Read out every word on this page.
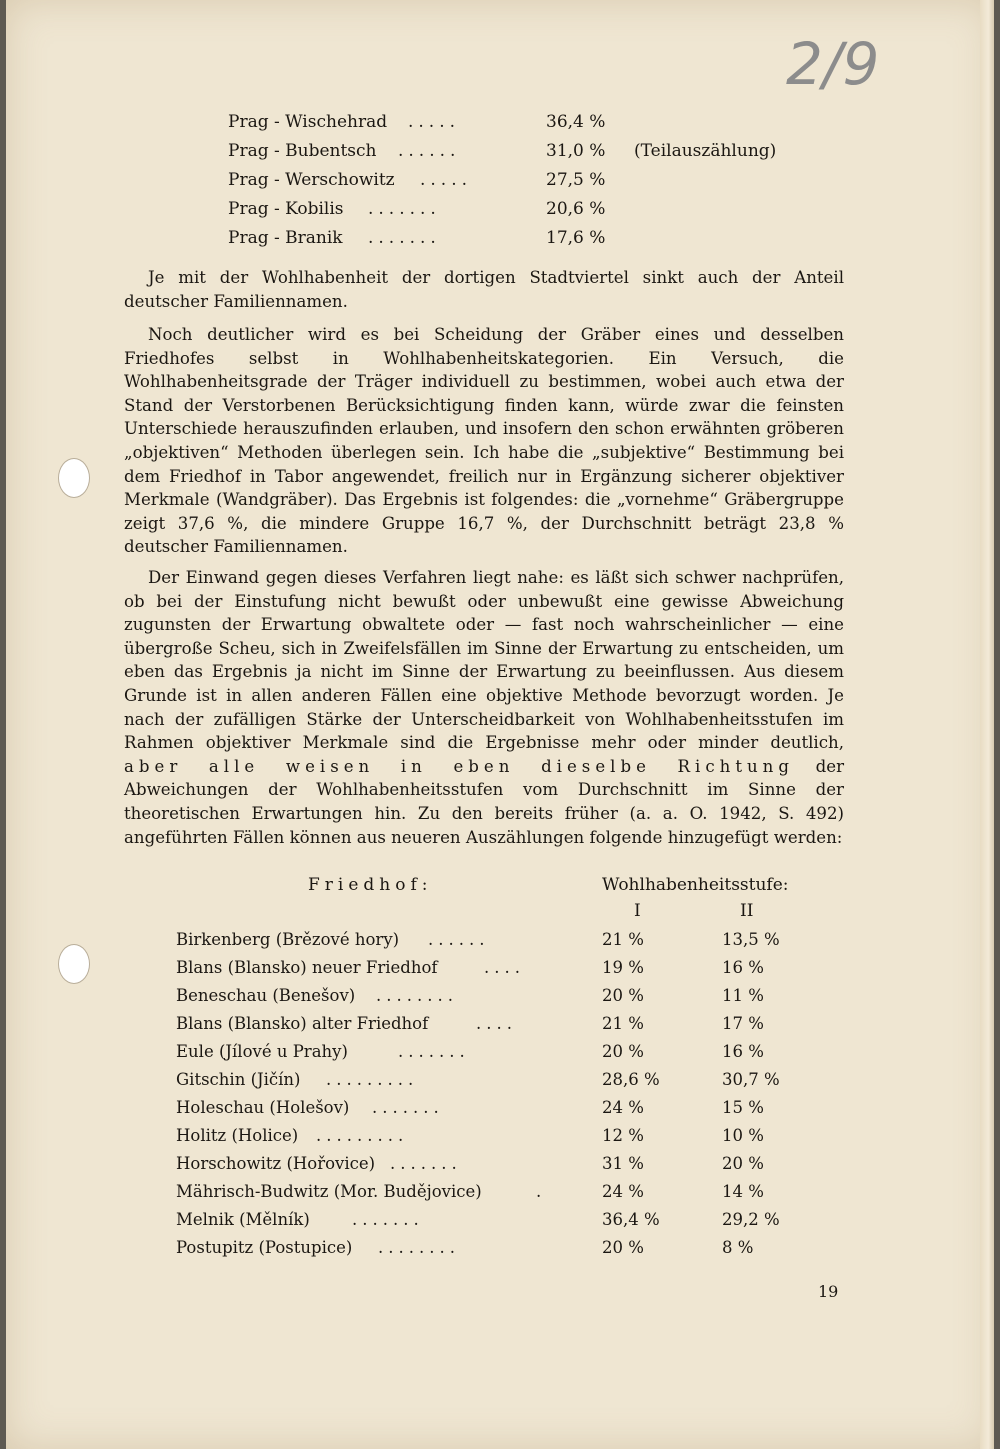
2/9
Prag - Wischehrad .....	36,4 %
Prag - Bubentsch ......	31,0 % (Teilauszählung)
Prag - Werschowitz .....	27,5 %
Prag - Kobilis .......	20,6 %
Prag - Branik .......	17,6 %
Je mit der Wohlhabenheit der dortigen Stadtviertel sinkt auch der Anteil deutscher Familiennamen.
Noch deutlicher wird es bei Scheidung der Gräber eines und desselben Friedhofes selbst in Wohlhabenheitskategorien. Ein Versuch, die Wohlhabenheitsgrade der Träger individuell zu bestimmen, wobei auch etwa der Stand der Verstorbenen Berücksichtigung finden kann, würde zwar die feinsten Unterschiede herauszufinden erlauben, und insofern den schon erwähnten gröberen „objektiven“ Methoden überlegen sein. Ich habe die „subjektive“ Bestimmung bei dem Friedhof in Tabor angewendet, freilich nur in Ergänzung sicherer objektiver Merkmale (Wandgräber). Das Ergebnis ist folgendes: die „vornehme“ Gräbergruppe zeigt 37,6 %, die mindere Gruppe 16,7 %, der Durchschnitt beträgt 23,8 % deutscher Familiennamen.
Der Einwand gegen dieses Verfahren liegt nahe: es läßt sich schwer nachprüfen, ob bei der Einstufung nicht bewußt oder unbewußt eine gewisse Abweichung zugunsten der Erwartung obwaltete oder — fast noch wahrscheinlicher — eine übergroße Scheu, sich in Zweifelsfällen im Sinne der Erwartung zu entscheiden, um eben das Ergebnis ja nicht im Sinne der Erwartung zu beeinflussen. Aus diesem Grunde ist in allen anderen Fällen eine objektive Methode bevorzugt worden. Je nach der zufälligen Stärke der Unterscheidbarkeit von Wohlhabenheitsstufen im Rahmen objektiver Merkmale sind die Ergebnisse mehr oder minder deutlich, aber alle weisen in eben dieselbe Richtung der Abweichungen der Wohlhabenheitsstufen vom Durchschnitt im Sinne der theoretischen Erwartungen hin. Zu den bereits früher (a. a. O. 1942, S. 492) angeführten Fällen können aus neueren Auszählungen folgende hinzugefügt werden:
Friedhof:	Wohlhabenheitsstufe:
I	II
Birkenberg (Brězové hory) ......	21 %	13,5 %
Blans (Blansko) neuer Friedhof	....	19 %	16 %
Beneschau (Benešov) ........	20 %	11 %
Blans (Blansko) alter Friedhof	....	21 %	17 %
Eule (Jílové u Prahy)	.......	20 %	16 %
Gitschin (Jičín) .........	28,6 %	30,7 %
Holeschau (Holešov) .......	24 %	15 %
Holitz (Holice) .........	12 %	10 %
Horschowitz (Hořovice) .......	31 %	20 %
Mährisch-Budwitz (Mor. Budějovice)	.	24 %	14 %
Melnik (Mělník)	.......	36,4 %	29,2 %
Postupitz (Postupice) ........	20 %	8 %
19
